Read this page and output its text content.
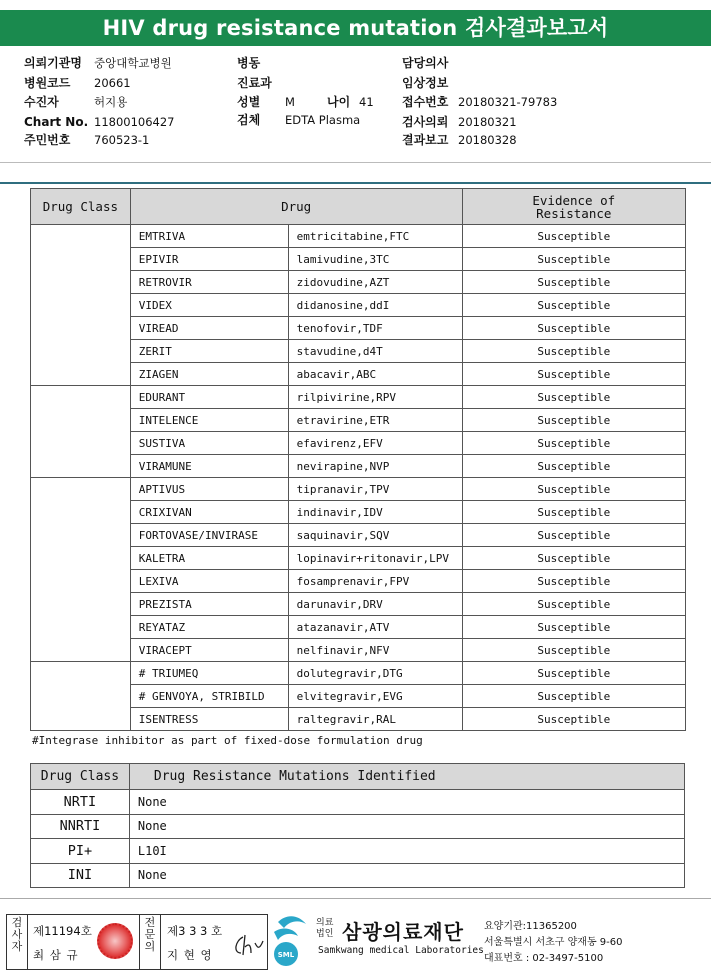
HIV drug resistance mutation 검사결과보고서
의뢰기관명 중앙대학교병원
병원코드 20661
수진자	허지용
Chart No. 11800106427
주민번호 760523-1
병동
진료과
성별 M	나이 41
검체 EDTA Plasma
담당의사
임상정보
접수번호 20180321-79783
검사의뢰 20180321
결과보고 20180328
Drug Class	Drug		Evidence of
Resistance

	EMTRIVA	emtricitabine,FTC	Susceptible
	EPIVIR	lamivudine,3TC	Susceptible
	RETROVIR	zidovudine,AZT	Susceptible
	VIDEX	didanosine,ddI	Susceptible
	VIREAD	tenofovir,TDF	Susceptible
	ZERIT	stavudine,d4T	Susceptible
	ZIAGEN	abacavir,ABC	Susceptible
	EDURANT	rilpivirine,RPV	Susceptible
	INTELENCE	etravirine,ETR	Susceptible
	SUSTIVA	efavirenz,EFV	Susceptible
	VIRAMUNE	nevirapine,NVP	Susceptible
	APTIVUS	tipranavir,TPV	Susceptible
	CRIXIVAN	indinavir,IDV	Susceptible
	FORTOVASE/INVIRASE	saquinavir,SQV	Susceptible
	KALETRA	lopinavir+ritonavir,LPV	Susceptible
	LEXIVA	fosamprenavir,FPV	Susceptible
	PREZISTA	darunavir,DRV	Susceptible
	REYATAZ	atazanavir,ATV	Susceptible
	VIRACEPT	nelfinavir,NFV	Susceptible
	# TRIUMEQ	dolutegravir,DTG	Susceptible
	# GENVOYA, STRIBILD	elvitegravir,EVG	Susceptible
	ISENTRESS	raltegravir,RAL	Susceptible
#Integrase inhibitor as part of fixed-dose formulation drug
Drug Class	Drug Resistance Mutations Identified
NRTI	None
NNRTI	None
PI+	L10I
INI	None
검사자
제11194호
최 삼 규
전문의
제3 3 3 호
지 현 영	SML
의료
법인 삼광의료재단
Samkwang medical Laboratories
요양기관:11365200
서울특별시 서초구 양재동 9-60
대표번호 : 02-3497-5100
